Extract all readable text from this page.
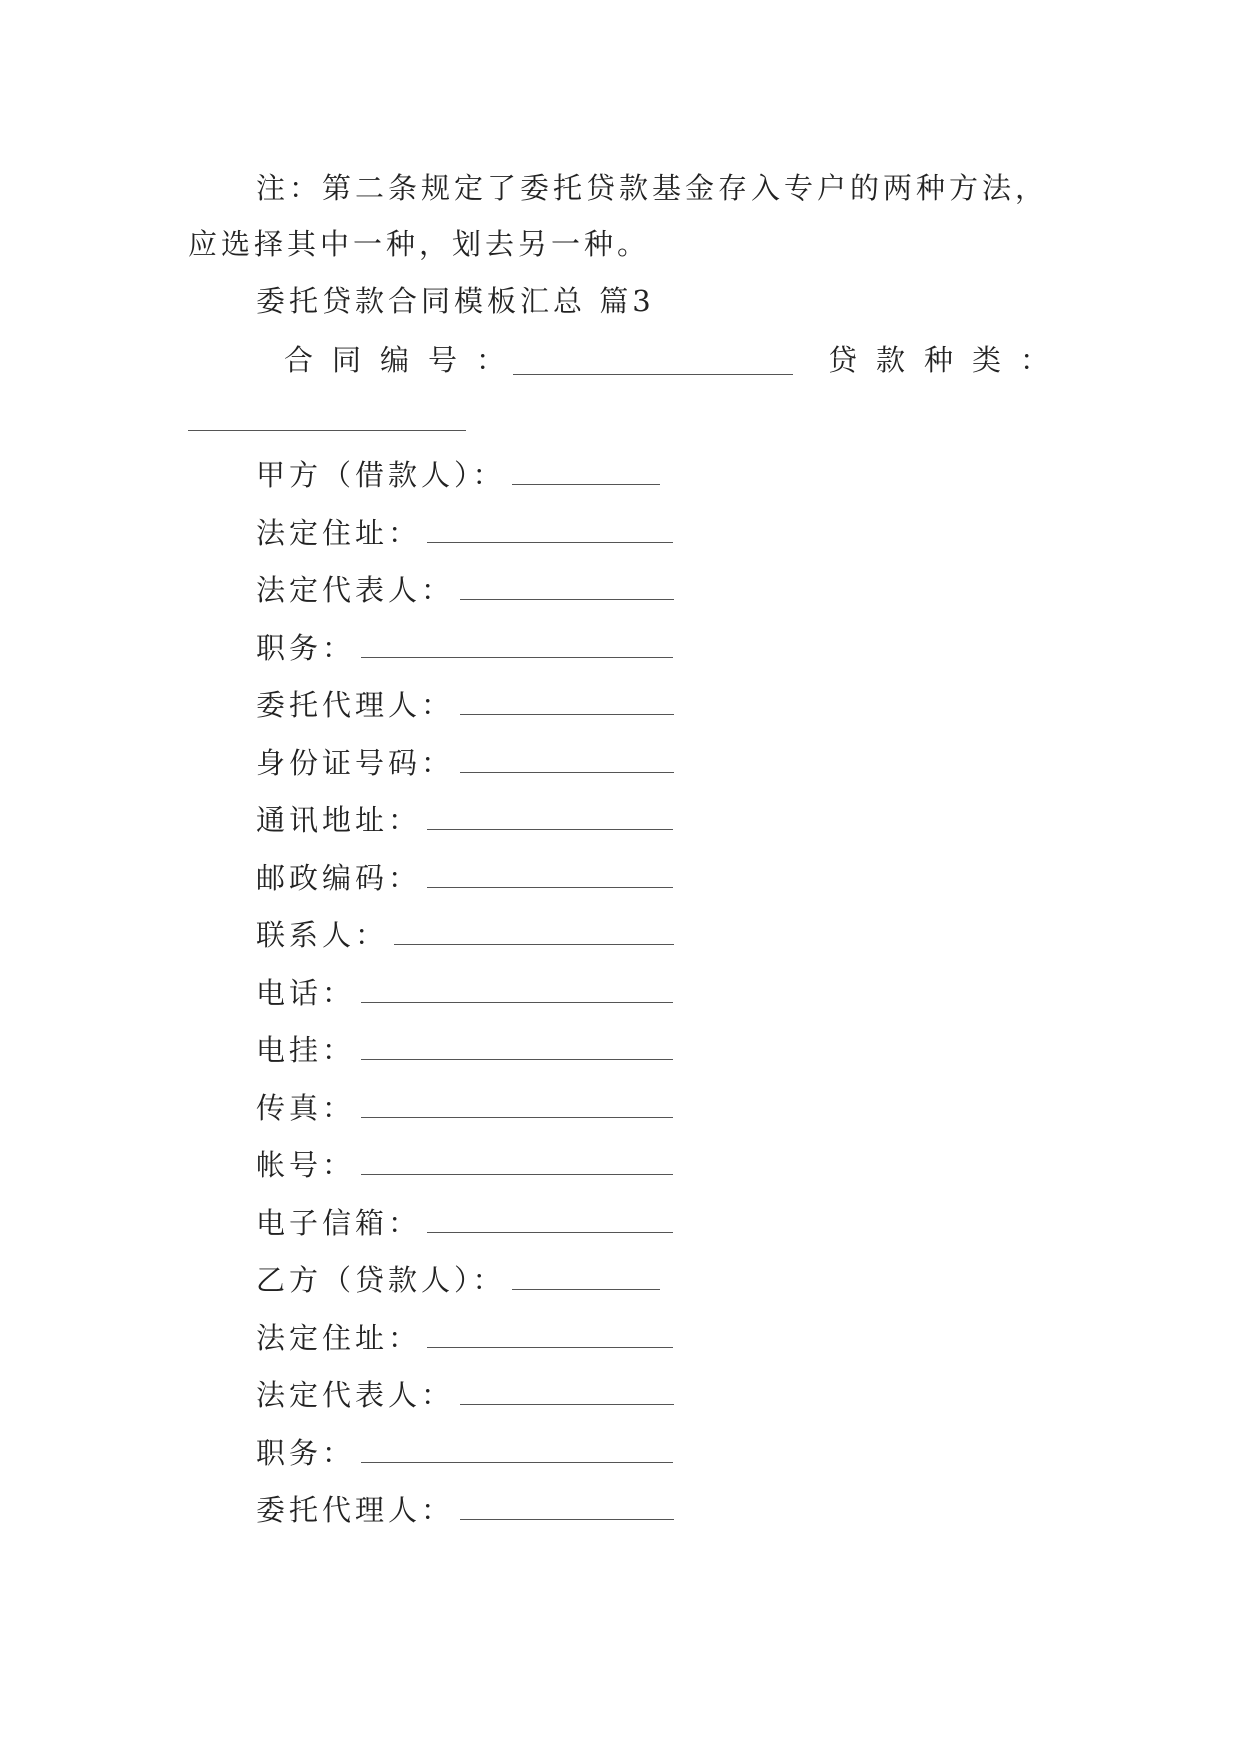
注：第二条规定了委托贷款基金存入专户的两种方法，
应选择其中一种，划去另一种。
委托贷款合同模板汇总 篇3
合同编号：	贷款种类：
甲方（借款人）：
法定住址：
法定代表人：
职务：
委托代理人：
身份证号码：
通讯地址：
邮政编码：
联系人：
电话：
电挂：
传真：
帐号：
电子信箱：
乙方（贷款人）：
法定住址：
法定代表人：
职务：
委托代理人：
